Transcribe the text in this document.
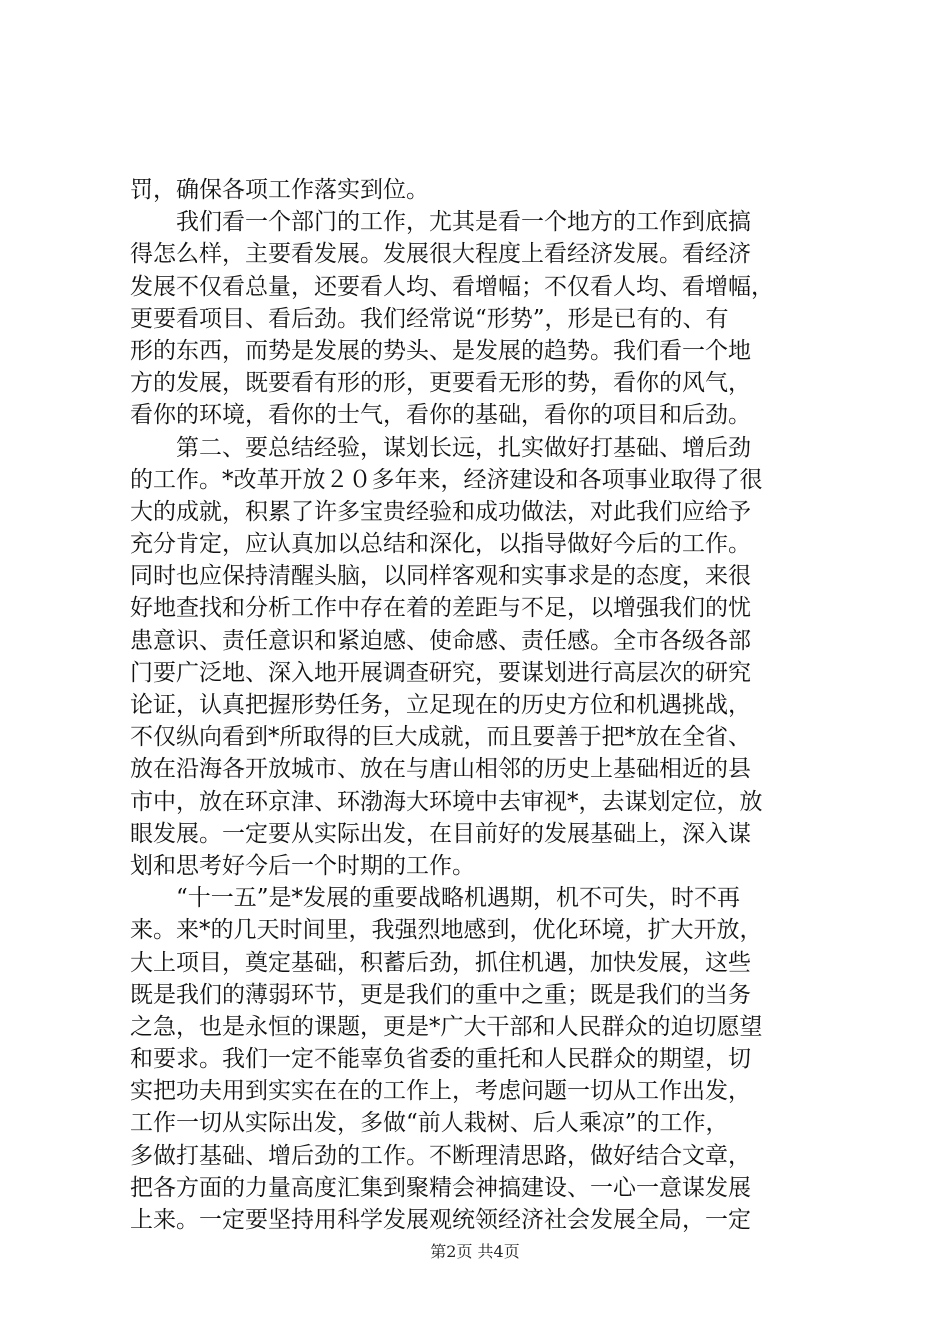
罚，确保各项工作落实到位。
我们看一个部门的工作，尤其是看一个地方的工作到底搞
得怎么样，主要看发展。发展很大程度上看经济发展。看经济
发展不仅看总量，还要看人均、看增幅；不仅看人均、看增幅，
更要看项目、看后劲。我们经常说“形势”，形是已有的、有
形的东西，而势是发展的势头、是发展的趋势。我们看一个地
方的发展，既要看有形的形，更要看无形的势，看你的风气，
看你的环境，看你的士气，看你的基础，看你的项目和后劲。
第二、要总结经验，谋划长远，扎实做好打基础、增后劲
的工作。*改革开放２０多年来，经济建设和各项事业取得了很
大的成就，积累了许多宝贵经验和成功做法，对此我们应给予
充分肯定，应认真加以总结和深化，以指导做好今后的工作。
同时也应保持清醒头脑，以同样客观和实事求是的态度，来很
好地查找和分析工作中存在着的差距与不足，以增强我们的忧
患意识、责任意识和紧迫感、使命感、责任感。全市各级各部
门要广泛地、深入地开展调查研究，要谋划进行高层次的研究
论证，认真把握形势任务，立足现在的历史方位和机遇挑战，
不仅纵向看到*所取得的巨大成就，而且要善于把*放在全省、
放在沿海各开放城市、放在与唐山相邻的历史上基础相近的县
市中，放在环京津、环渤海大环境中去审视*，去谋划定位，放
眼发展。一定要从实际出发，在目前好的发展基础上，深入谋
划和思考好今后一个时期的工作。
“十一五”是*发展的重要战略机遇期，机不可失，时不再
来。来*的几天时间里，我强烈地感到，优化环境，扩大开放，
大上项目，奠定基础，积蓄后劲，抓住机遇，加快发展，这些
既是我们的薄弱环节，更是我们的重中之重；既是我们的当务
之急，也是永恒的课题，更是*广大干部和人民群众的迫切愿望
和要求。我们一定不能辜负省委的重托和人民群众的期望，切
实把功夫用到实实在在的工作上，考虑问题一切从工作出发，
工作一切从实际出发，多做“前人栽树、后人乘凉”的工作，
多做打基础、增后劲的工作。不断理清思路，做好结合文章，
把各方面的力量高度汇集到聚精会神搞建设、一心一意谋发展
上来。一定要坚持用科学发展观统领经济社会发展全局，一定
第2页 共4页
